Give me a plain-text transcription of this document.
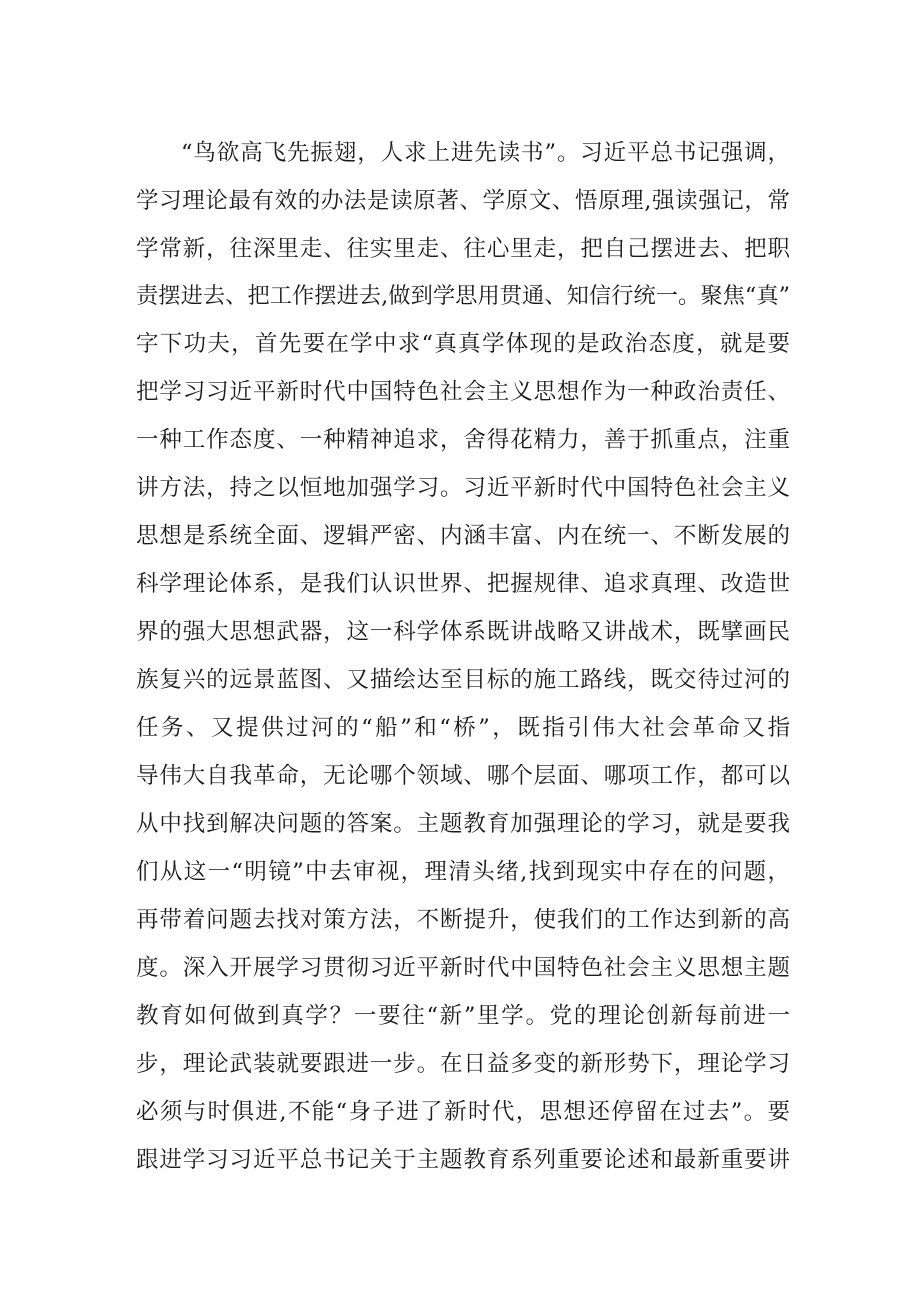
“鸟欲高飞先振翅，人求上进先读书”。习近平总书记强调，
学习理论最有效的办法是读原著、学原文、悟原理,强读强记，常
学常新，往深里走、往实里走、往心里走，把自己摆进去、把职
责摆进去、把工作摆进去,做到学思用贯通、知信行统一。聚焦“真”
字下功夫，首先要在学中求“真真学体现的是政治态度，就是要
把学习习近平新时代中国特色社会主义思想作为一种政治责任、
一种工作态度、一种精神追求，舍得花精力，善于抓重点，注重
讲方法，持之以恒地加强学习。习近平新时代中国特色社会主义
思想是系统全面、逻辑严密、内涵丰富、内在统一、不断发展的
科学理论体系，是我们认识世界、把握规律、追求真理、改造世
界的强大思想武器，这一科学体系既讲战略又讲战术，既擘画民
族复兴的远景蓝图、又描绘达至目标的施工路线，既交待过河的
任务、又提供过河的“船”和“桥”，既指引伟大社会革命又指
导伟大自我革命，无论哪个领域、哪个层面、哪项工作，都可以
从中找到解决问题的答案。主题教育加强理论的学习，就是要我
们从这一“明镜”中去审视，理清头绪,找到现实中存在的问题，
再带着问题去找对策方法，不断提升，使我们的工作达到新的高
度。深入开展学习贯彻习近平新时代中国特色社会主义思想主题
教育如何做到真学？一要往“新”里学。党的理论创新每前进一
步，理论武装就要跟进一步。在日益多变的新形势下，理论学习
必须与时俱进,不能“身子进了新时代，思想还停留在过去”。要
跟进学习习近平总书记关于主题教育系列重要论述和最新重要讲
